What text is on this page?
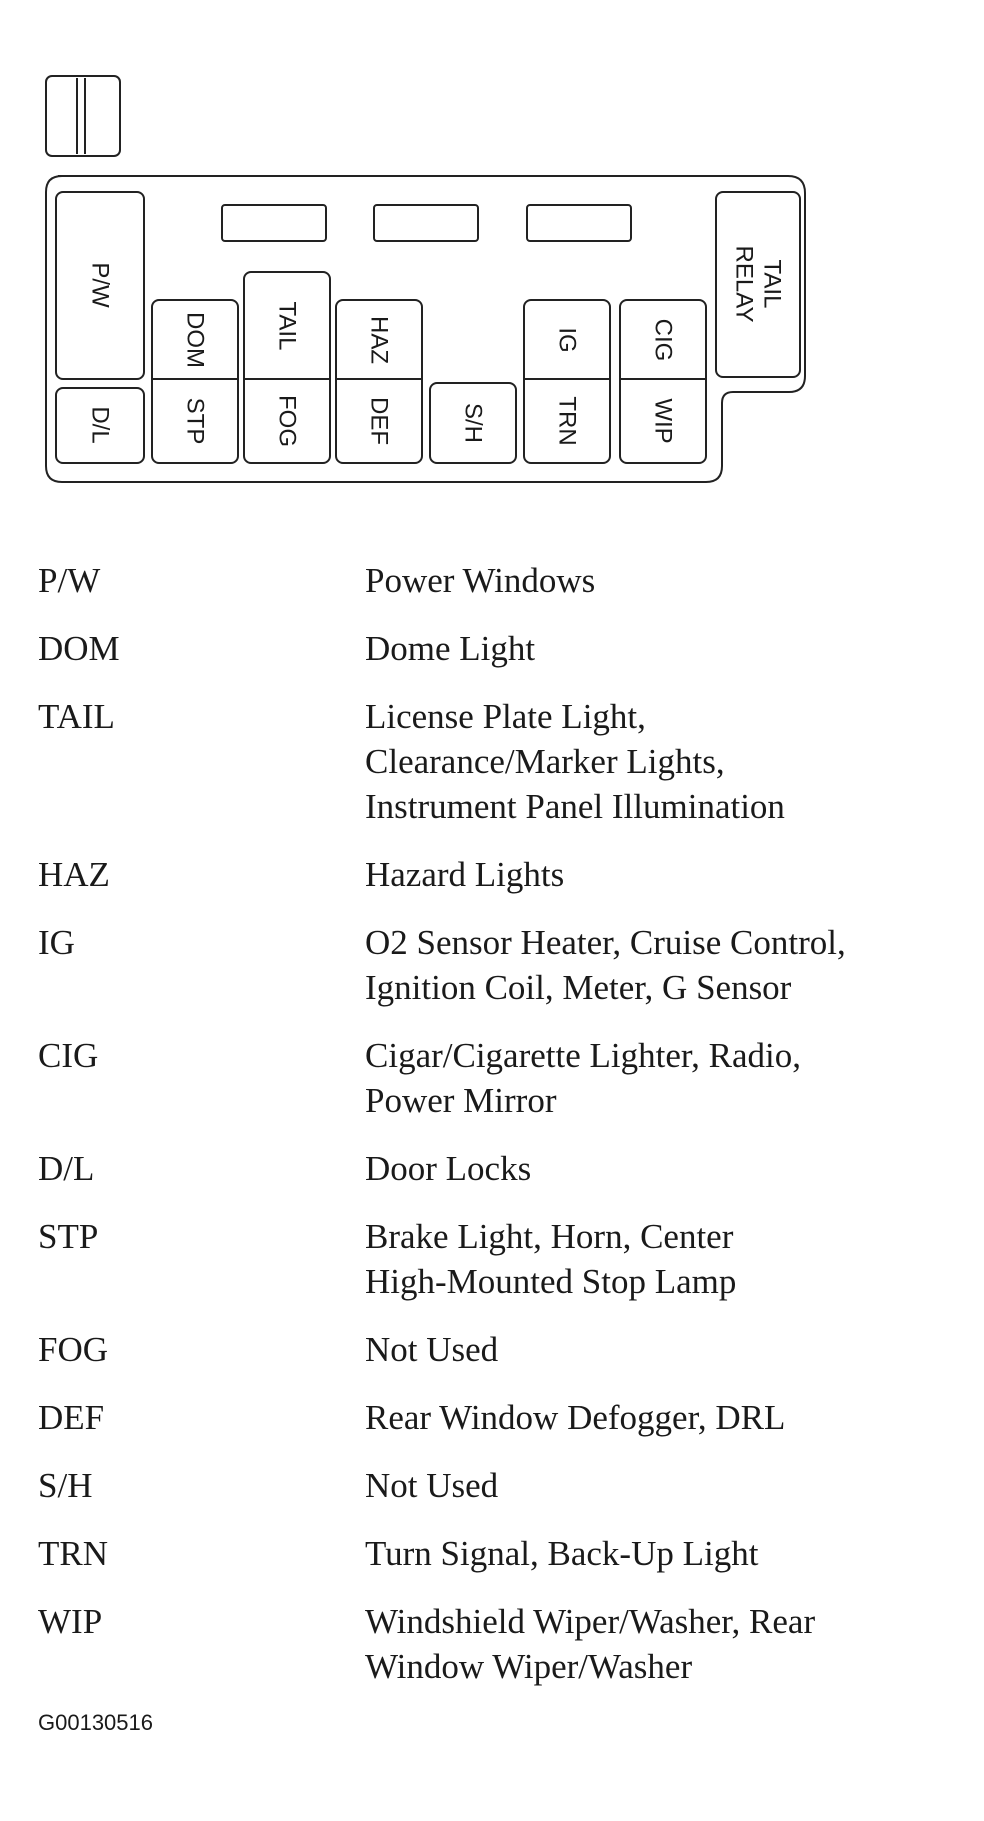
P/W
D/L
DOM
STP
TAIL
FOG
HAZ
DEF	S/H
IG
TRN
CIG
WIP
TAIL
RELAY
P/W	Power Windows
DOM	Dome Light
TAIL	License Plate Light,
Clearance/Marker Lights,
Instrument Panel Illumination
HAZ	Hazard Lights
IG	O2 Sensor Heater, Cruise Control,
Ignition Coil, Meter, G Sensor
CIG	Cigar/Cigarette Lighter, Radio,
Power Mirror
D/L	Door Locks
STP	Brake Light, Horn, Center
High-Mounted Stop Lamp
FOG	Not Used
DEF	Rear Window Defogger, DRL
S/H	Not Used
TRN	Turn Signal, Back-Up Light
WIP	Windshield Wiper/Washer, Rear
Window Wiper/Washer
G00130516
